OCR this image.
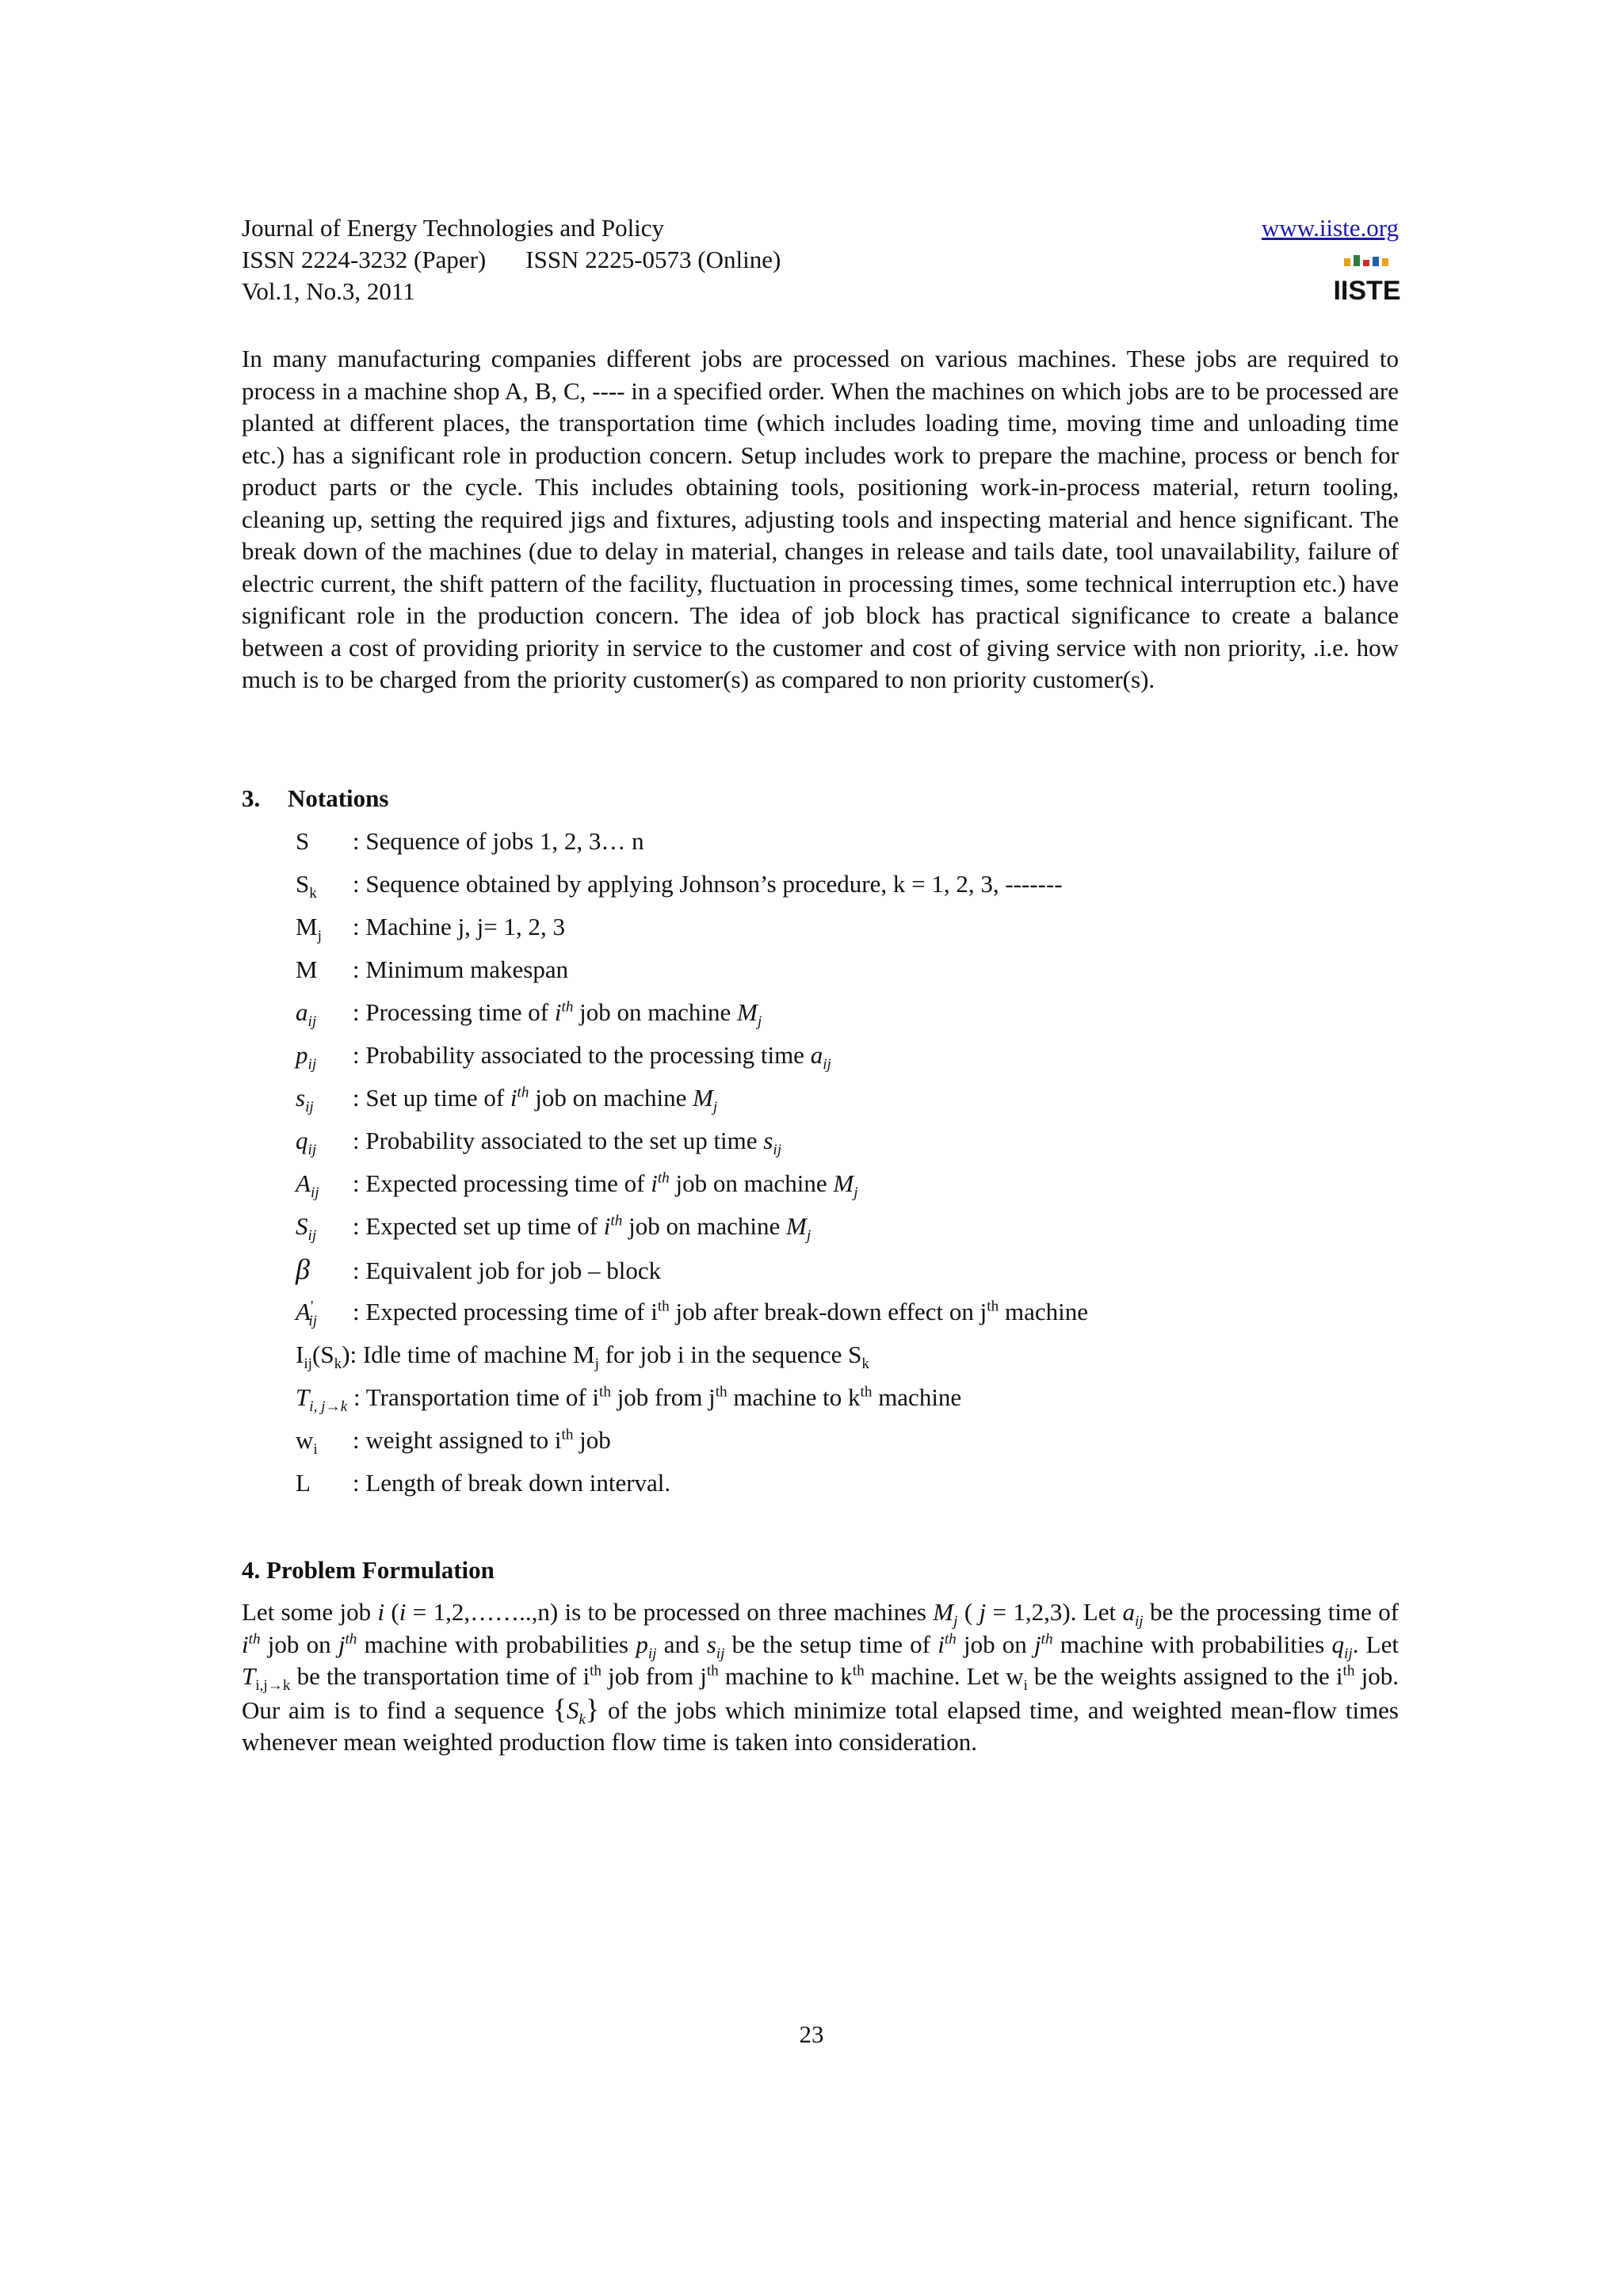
Journal of Energy Technologies and Policy
ISSN 2224-3232 (Paper) ISSN 2225-0573 (Online)
Vol.1, No.3, 2011
www.iiste.org
IISTE

In many manufacturing companies different jobs are processed on various machines. These jobs are required to process in a machine shop A, B, C, ---- in a specified order. When the machines on which jobs are to be processed are planted at different places, the transportation time (which includes loading time, moving time and unloading time etc.) has a significant role in production concern. Setup includes work to prepare the machine, process or bench for product parts or the cycle. This includes obtaining tools, positioning work-in-process material, return tooling, cleaning up, setting the required jigs and fixtures, adjusting tools and inspecting material and hence significant. The break down of the machines (due to delay in material, changes in release and tails date, tool unavailability, failure of electric current, the shift pattern of the facility, fluctuation in processing times, some technical interruption etc.) have significant role in the production concern. The idea of job block has practical significance to create a balance between a cost of providing priority in service to the customer and cost of giving service with non priority, .i.e. how much is to be charged from the priority customer(s) as compared to non priority customer(s).

3. Notations
S : Sequence of jobs 1, 2, 3… n
$S_k$ : Sequence obtained by applying Johnson’s procedure, k = 1, 2, 3, -------
$M_j$ : Machine j, j= 1, 2, 3
M : Minimum makespan
$a_{ij}$ : Processing time of $i^{th}$ job on machine $M_j$
$p_{ij}$ : Probability associated to the processing time $a_{ij}$
$s_{ij}$ : Set up time of $i^{th}$ job on machine $M_j$
$q_{ij}$ : Probability associated to the set up time $s_{ij}$
$A_{ij}$ : Expected processing time of $i^{th}$ job on machine $M_j$
$S_{ij}$ : Expected set up time of $i^{th}$ job on machine $M_j$
β : Equivalent job for job – block
$A'_{ij}$ : Expected processing time of $i^{th}$ job after break-down effect on $j^{th}$ machine
$I_{ij}(S_k)$: Idle time of machine $M_j$ for job i in the sequence $S_k$
$T_{i, j\to k}$ : Transportation time of $i^{th}$ job from $j^{th}$ machine to $k^{th}$ machine
$w_i$ : weight assigned to $i^{th}$ job
L : Length of break down interval.
4. Problem Formulation

Let some job i (i = 1,2,……..,n) is to be processed on three machines $M_j$ ( j = 1,2,3). Let $a_{ij}$ be the processing time of $i^{th}$ job on $j^{th}$ machine with probabilities $p_{ij}$ and $s_{ij}$ be the setup time of $i^{th}$ job on $j^{th}$ machine with probabilities $q_{ij}$. Let $T_{i,j\to k}$ be the transportation time of $i^{th}$ job from $j^{th}$ machine to $k^{th}$ machine. Let $w_i$ be the weights assigned to the $i^{th}$ job. Our aim is to find a sequence $\{S_k\}$ of the jobs which minimize total elapsed time, and weighted mean-flow times whenever mean weighted production flow time is taken into consideration.

23
